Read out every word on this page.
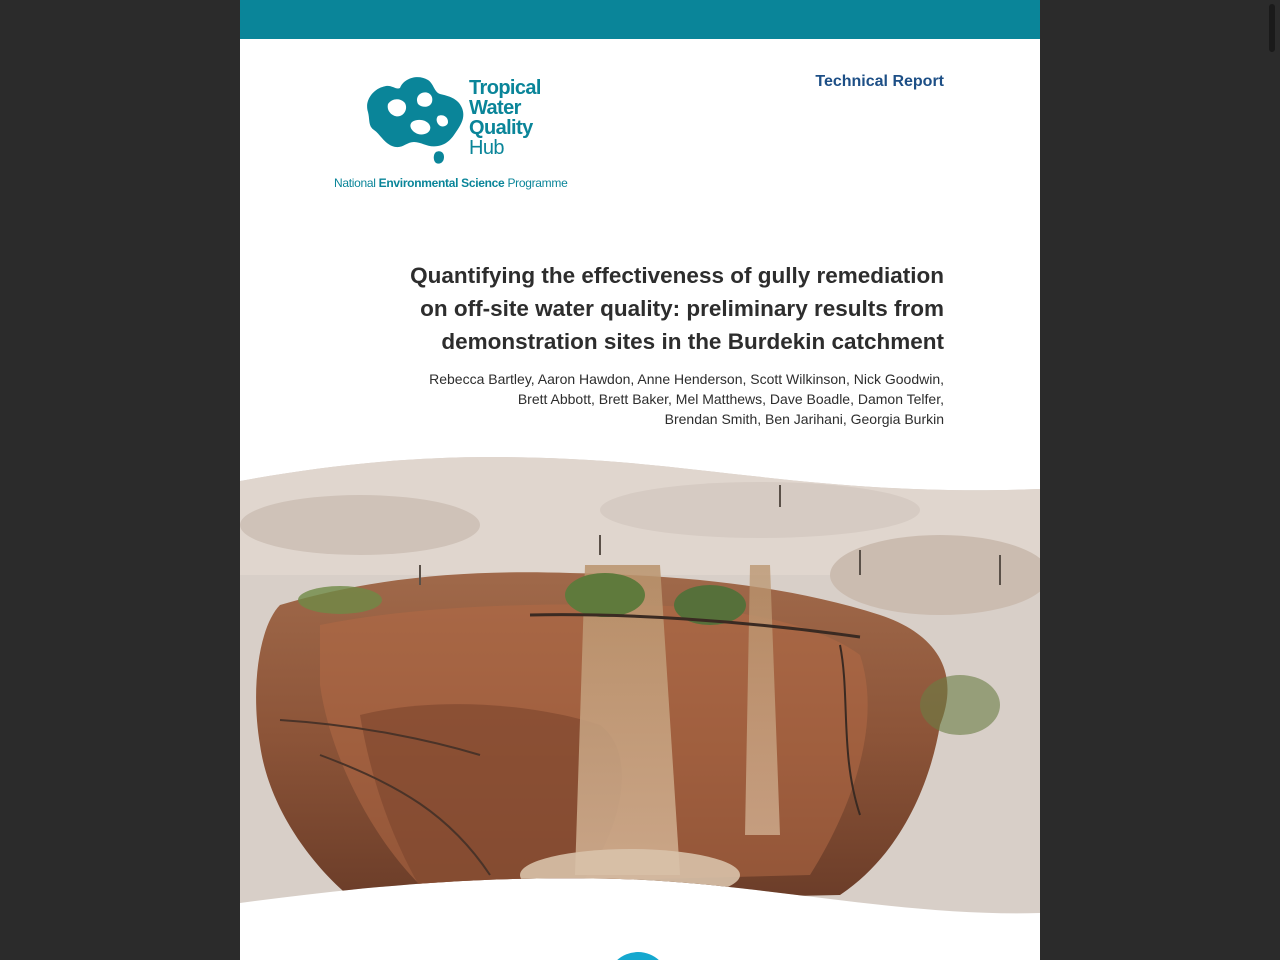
Tropical
Water
Quality
Hub
National Environmental Science Programme
Technical Report
Quantifying the effectiveness of gully remediation
on off-site water quality: preliminary results from
demonstration sites in the Burdekin catchment
Rebecca Bartley, Aaron Hawdon, Anne Henderson, Scott Wilkinson, Nick Goodwin,
Brett Abbott, Brett Baker, Mel Matthews, Dave Boadle, Damon Telfer,
Brendan Smith, Ben Jarihani, Georgia Burkin
